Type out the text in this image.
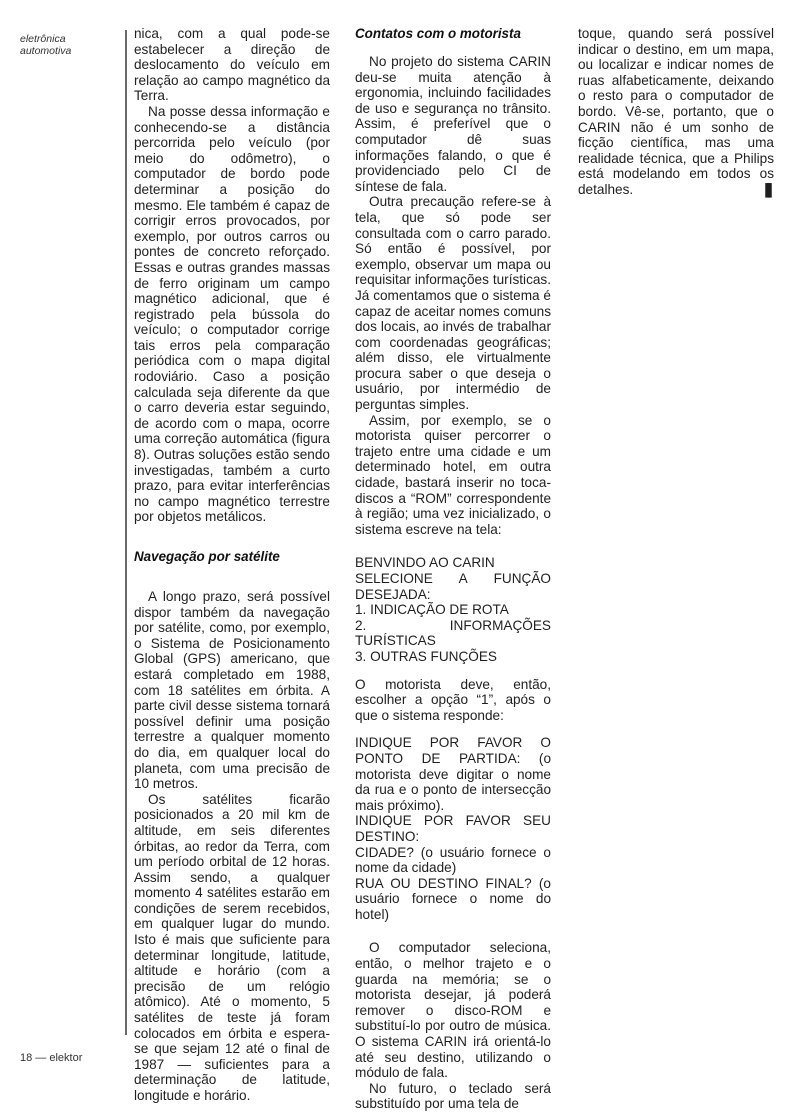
eletrônica
automotiva

nica, com a qual pode-se estabelecer a direção de deslocamento do veículo em relação ao campo magnético da Terra.

Na posse dessa informação e conhecendo-se a distância percorrida pelo veículo (por meio do odômetro), o computador de bordo pode determinar a posição do mesmo. Ele também é capaz de corrigir erros provocados, por exemplo, por outros carros ou pontes de concreto reforçado. Essas e outras grandes massas de ferro originam um campo magnético adicional, que é registrado pela bússola do veículo; o computador corrige tais erros pela comparação periódica com o mapa digital rodoviário. Caso a posição calculada seja diferente da que o carro deveria estar seguindo, de acordo com o mapa, ocorre uma correção automática (figura 8). Outras soluções estão sendo investigadas, também a curto prazo, para evitar interferências no campo magnético terrestre por objetos metálicos.

Navegação por satélite

A longo prazo, será possível dispor também da navegação por satélite, como, por exemplo, o Sistema de Posicionamento Global (GPS) americano, que estará completado em 1988, com 18 satélites em órbita. A parte civil desse sistema tornará possível definir uma posição terrestre a qualquer momento do dia, em qualquer local do planeta, com uma precisão de 10 metros.

Os satélites ficarão posicionados a 20 mil km de altitude, em seis diferentes órbitas, ao redor da Terra, com um período orbital de 12 horas. Assim sendo, a qualquer momento 4 satélites estarão em condições de serem recebidos, em qualquer lugar do mundo. Isto é mais que suficiente para determinar longitude, latitude, altitude e horário (com a precisão de um relógio atômico). Até o momento, 5 satélites de teste já foram colocados em órbita e espera-se que sejam 12 até o final de 1987 — suficientes para a determinação de latitude, longitude e horário.

Contatos com o motorista

No projeto do sistema CARIN deu-se muita atenção à ergonomia, incluindo facilidades de uso e segurança no trânsito. Assim, é preferível que o computador dê suas informações falando, o que é providenciado pelo CI de síntese de fala.

Outra precaução refere-se à tela, que só pode ser consultada com o carro parado. Só então é possível, por exemplo, observar um mapa ou requisitar informações turísticas. Já comentamos que o sistema é capaz de aceitar nomes comuns dos locais, ao invés de trabalhar com coordenadas geográficas; além disso, ele virtualmente procura saber o que deseja o usuário, por intermédio de perguntas simples.

Assim, por exemplo, se o motorista quiser percorrer o trajeto entre uma cidade e um determinado hotel, em outra cidade, bastará inserir no toca-discos a “ROM” correspondente à região; uma vez inicializado, o sistema escreve na tela:

BENVINDO AO CARIN
SELECIONE A FUNÇÃO DESEJADA:
1. INDICAÇÃO DE ROTA
2. INFORMAÇÕES TURÍSTICAS
3. OUTRAS FUNÇÕES

O motorista deve, então, escolher a opção “1”, após o que o sistema responde:

INDIQUE POR FAVOR O PONTO DE PARTIDA: (o motorista deve digitar o nome da rua e o ponto de intersecção mais próximo).
INDIQUE POR FAVOR SEU DESTINO:
CIDADE? (o usuário fornece o nome da cidade)
RUA OU DESTINO FINAL? (o usuário fornece o nome do hotel)

O computador seleciona, então, o melhor trajeto e o guarda na memória; se o motorista desejar, já poderá remover o disco-ROM e substituí-lo por outro de música. O sistema CARIN irá orientá-lo até seu destino, utilizando o módulo de fala.

No futuro, o teclado será substituído por uma tela de

toque, quando será possível indicar o destino, em um mapa, ou localizar e indicar nomes de ruas alfabeticamente, deixando o resto para o computador de bordo. Vê-se, portanto, que o CARIN não é um sonho de ficção científica, mas uma realidade técnica, que a Philips está modelando em todos os detalhes.	▐▌
18 — elektor
